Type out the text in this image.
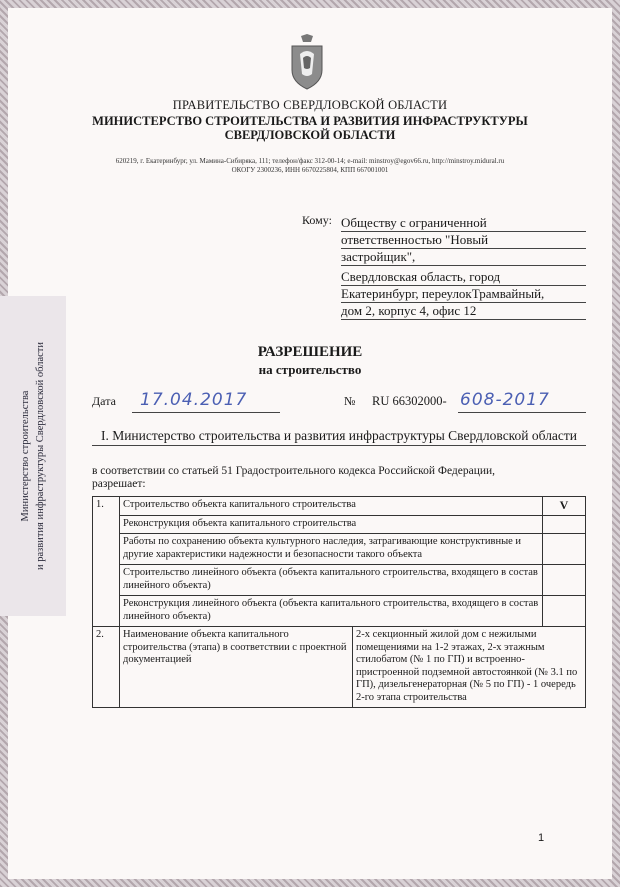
Министерство строительства и развития инфраструктуры Свердловской области
ПРАВИТЕЛЬСТВО СВЕРДЛОВСКОЙ ОБЛАСТИ
МИНИСТЕРСТВО СТРОИТЕЛЬСТВА И РАЗВИТИЯ ИНФРАСТРУКТУРЫ
СВЕРДЛОВСКОЙ ОБЛАСТИ
620219, г. Екатеринбург, ул. Мамина-Сибиряка, 111; телефон/факс 312-00-14; e-mail: minstroy@egov66.ru, http://minstroy.midural.ru
ОКОГУ 2300236, ИНН 6670225804, КПП 667001001
Кому: Обществу с ограниченной
ответственностью "Новый
застройщик",
Свердловская область, город
Екатеринбург, переулокТрамвайный,
дом 2, корпус 4, офис 12
РАЗРЕШЕНИЕ
на строительство
Дата 17.04.2017	№ RU 66302000- 608-2017
I. Министерство строительства и развития инфраструктуры Свердловской области
в соответствии со статьей 51 Градостроительного кодекса Российской Федерации,
разрешает:
1.	Строительство объекта капитального строительства		V
	Реконструкция объекта капитального строительства		
	Работы по сохранению объекта культурного наследия, затрагивающие конструктивные и другие характеристики надежности и безопасности такого объекта		
	Строительство линейного объекта (объекта капитального строительства, входящего в состав линейного объекта)		
	Реконструкция линейного объекта (объекта капитального строительства, входящего в состав линейного объекта)		
2.	Наименование объекта капитального строительства (этапа) в соответствии с проектной документацией	2-х секционный жилой дом с нежилыми помещениями на 1-2 этажах, 2-х этажным стилобатом (№ 1 по ГП) и встроенно-пристроенной подземной автостоянкой (№ 3.1 по ГП), дизельгенераторная (№ 5 по ГП) - 1 очередь 2-го этапа строительства	
1
